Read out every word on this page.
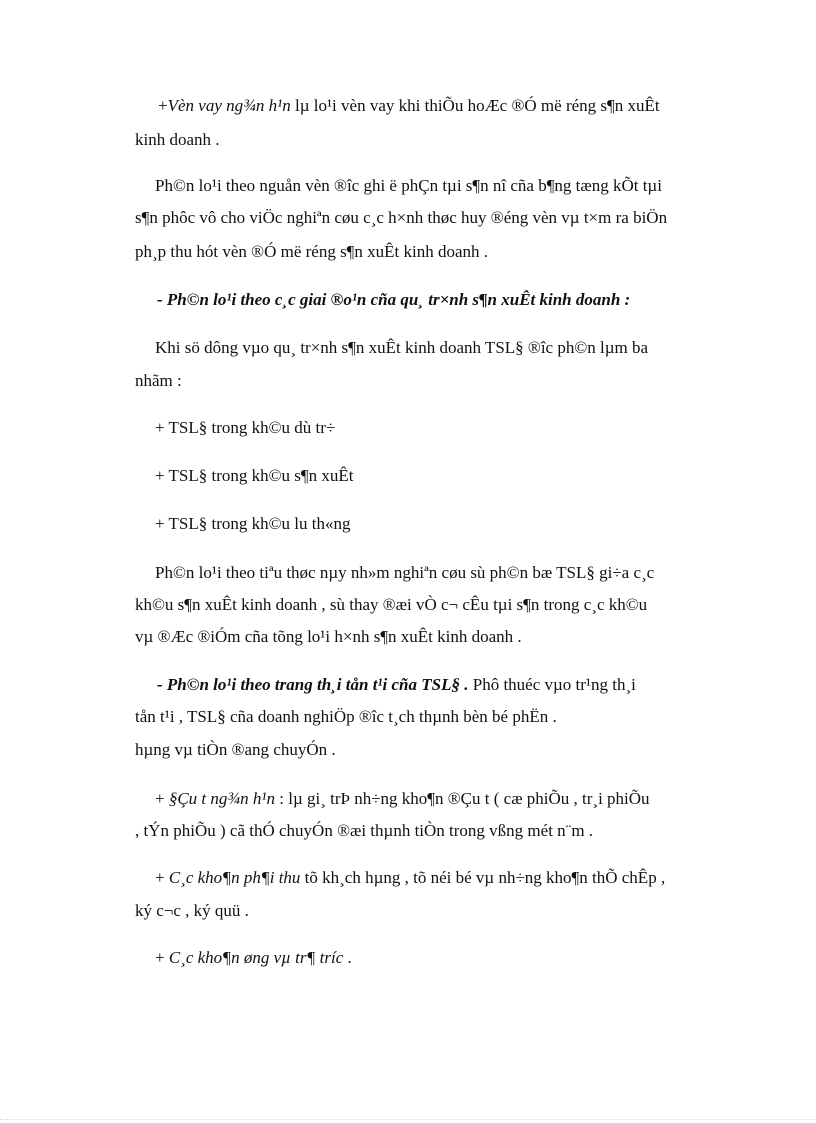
+Vèn vay ng¾n h¹n lµ lo¹i vèn vay khi thiÕu hoÆc ®Ó më réng s¶n xuÊt
kinh doanh .
Ph©n lo¹i theo nguån vèn ®îc ghi ë phÇn tµi s¶n nî cña b¶ng tæng kÕt tµi
s¶n phôc vô cho viÖc nghiªn cøu c¸c h×nh thøc huy ®éng vèn vµ t×m ra biÖn
ph¸p thu hót vèn ®Ó më réng s¶n xuÊt kinh doanh .
- Ph©n lo¹i theo c¸c giai ®o¹n cña qu¸ tr×nh s¶n xuÊt kinh doanh :
Khi sö dông vµo qu¸ tr×nh s¶n xuÊt kinh doanh TSL§ ®îc ph©n lµm ba
nhãm :
+ TSL§ trong kh©u dù tr÷
+ TSL§ trong kh©u s¶n xuÊt
+ TSL§ trong kh©u lu th«ng
Ph©n lo¹i theo tiªu thøc nµy nh»m nghiªn cøu sù ph©n bæ TSL§ gi÷a c¸c
kh©u s¶n xuÊt kinh doanh , sù thay ®æi vÒ c¬ cÊu tµi s¶n trong c¸c kh©u
vµ ®Æc ®iÓm cña tõng lo¹i h×nh s¶n xuÊt kinh doanh .
- Ph©n lo¹i theo trang th¸i tån t¹i cña TSL§ . Phô thuéc vµo tr¹ng th¸i
tån t¹i , TSL§ cña doanh nghiÖp ®îc t¸ch thµnh bèn bé phËn .
hµng vµ tiÒn ®ang chuyÓn .
+ §Çu t ng¾n h¹n : lµ gi¸ trÞ nh÷ng kho¶n ®Çu t ( cæ phiÕu , tr¸i phiÕu
, tÝn phiÕu ) cã thÓ chuyÓn ®æi thµnh tiÒn trong vßng mét n¨m .
+ C¸c kho¶n ph¶i thu tõ kh¸ch hµng , tõ néi bé vµ nh÷ng kho¶n thÕ chÊp ,
ký c¬c , ký quü .
+ C¸c kho¶n øng vµ tr¶ tríc .
